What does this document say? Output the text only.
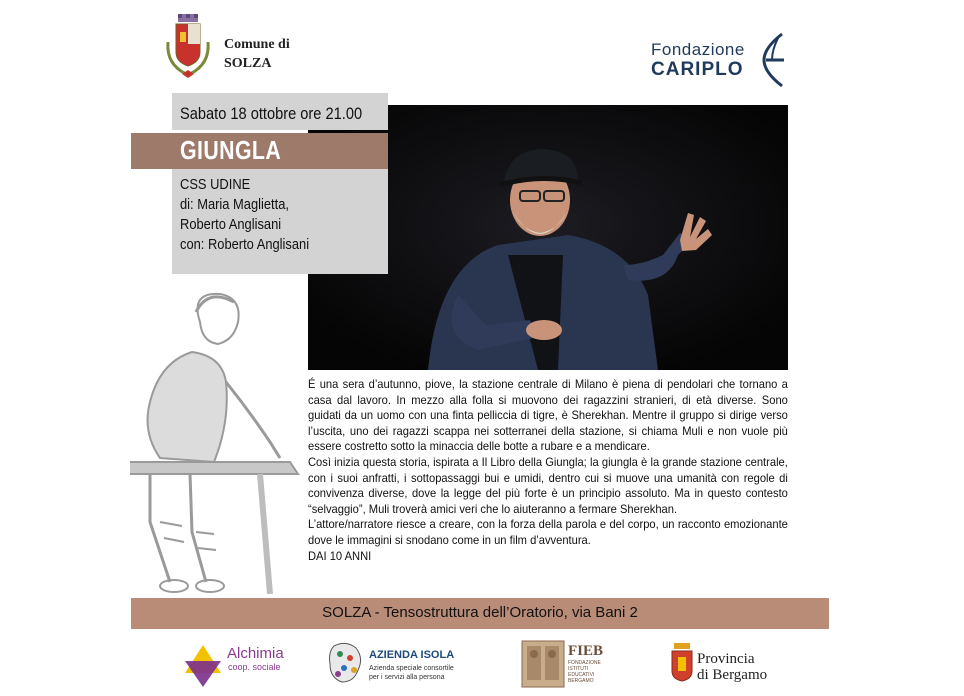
Comune di
SOLZA
Fondazione
CARIPLO
Sabato 18 ottobre ore 21.00
GIUNGLA
CSS UDINE
di: Maria Maglietta,
Roberto Anglisani
con: Roberto Anglisani

É una sera d’autunno, piove, la stazione centrale di Milano è piena di pendolari che tornano a casa dal lavoro. In mezzo alla folla si muovono dei ragazzini stranieri, di età diverse. Sono guidati da un uomo con una finta pelliccia di tigre, è Sherekhan. Mentre il gruppo si dirige verso l’uscita, uno dei ragazzi scappa nei sotterranei della stazione, si chiama Muli e non vuole più essere costretto sotto la minaccia delle botte a rubare e a mendicare.

Così inizia questa storia, ispirata a Il Libro della Giungla; la giungla è la grande stazione centrale, con i suoi anfratti, i sottopassaggi bui e umidi, dentro cui si muove una umanità con regole di convivenza diverse, dove la legge del più forte è un principio assoluto. Ma in questo contesto “selvaggio”, Muli troverà amici veri che lo aiuteranno a fermare Sherekhan.

L’attore/narratore riesce a creare, con la forza della parola e del corpo, un racconto emozionante dove le immagini si snodano come in un film d’avventura.

DAI 10 ANNI

SOLZA - Tensostruttura dell’Oratorio, via Bani 2
Alchimia
coop. sociale
AZIENDA ISOLA
Azienda speciale consortile
per i servizi alla persona
FIEB
FONDAZIONE
ISTITUTI
EDUCATIVI
BERGAMO
Provincia
di Bergamo
